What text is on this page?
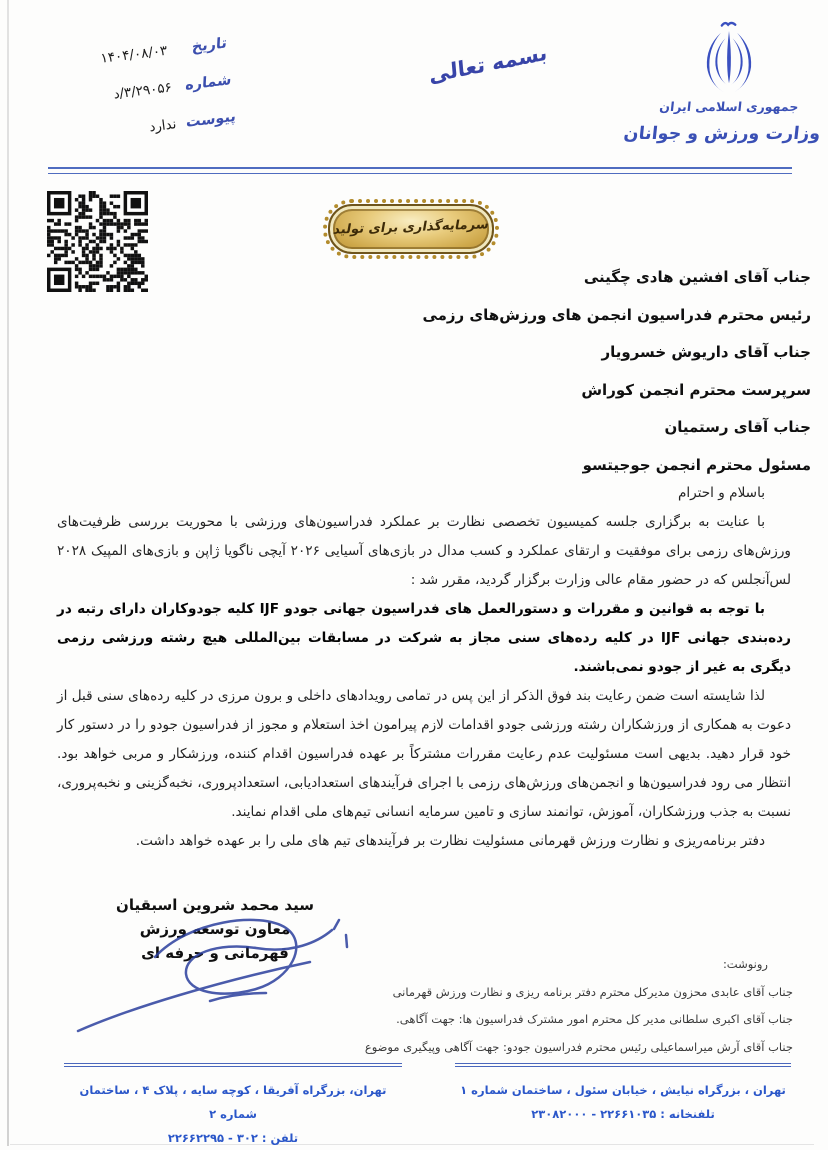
جمهوری اسلامی ایران
وزارت ورزش و جوانان
بسمه تعالی
تاریخ
۱۴۰۴/۰۸/۰۳
شماره
۳/۲۹۰۵۶/د
پیوست
ندارد
سرمایه‌گذاری برای تولید
جناب آقای افشین هادی چگینی
رئیس محترم فدراسیون انجمن های ورزش‌های رزمی
جناب آقای داریوش خسرویار
سرپرست محترم انجمن کوراش
جناب آقای رستمیان
مسئول محترم انجمن جوجیتسو

باسلام و احترام

با عنایت به برگزاری جلسه کمیسیون تخصصی نظارت بر عملکرد فدراسیون‌های ورزشی با محوریت بررسی ظرفیت‌های ورزش‌های رزمی برای موفقیت و ارتقای عملکرد و کسب مدال در بازی‌های آسیایی ۲۰۲۶ آیچی ناگویا ژاپن و بازی‌های المپیک ۲۰۲۸ لس‌آنجلس که در حضور مقام عالی وزارت برگزار گردید، مقرر شد :

با توجه به قوانین و مقررات و دستورالعمل های فدراسیون جهانی جودو IJF کلیه جودوکاران دارای رتبه در رده‌بندی جهانی IJF در کلیه رده‌های سنی مجاز به شرکت در مسابقات بین‌المللی هیچ رشته ورزشی رزمی دیگری به غیر از جودو نمی‌باشند.

لذا شایسته است ضمن رعایت بند فوق الذکر از این پس در تمامی رویدادهای داخلی و برون مرزی در کلیه رده‌های سنی قبل از دعوت به همکاری از ورزشکاران رشته ورزشی جودو اقدامات لازم پیرامون اخذ استعلام و مجوز از فدراسیون جودو را در دستور کار خود قرار دهید. بدیهی است مسئولیت عدم رعایت مقررات مشترکاً بر عهده فدراسیون اقدام کننده، ورزشکار و مربی خواهد بود. انتظار می رود فدراسیون‌ها و انجمن‌های ورزش‌های رزمی با اجرای فرآیندهای استعدادیابی، استعدادپروری، نخبه‌گزینی و نخبه‌پروری، نسبت به جذب ورزشکاران، آموزش، توانمند سازی و تامین سرمایه انسانی تیم‌های ملی اقدام نمایند.

دفتر برنامه‌ریزی و نظارت ورزش قهرمانی مسئولیت نظارت بر فرآیندهای تیم های ملی را بر عهده خواهد داشت.

سید محمد شروین اسبقیان
معاون توسعه ورزش
قهرمانی و حرفه ای
رونوشت:
جناب آقای عابدی محزون مدیرکل محترم دفتر برنامه ریزی و نظارت ورزش قهرمانی
جناب آقای اکبری سلطانی مدیر کل محترم امور مشترک فدراسیون ها: جهت آگاهی.
جناب آقای آرش میراسماعیلی رئیس محترم فدراسیون جودو: جهت آگاهی وپیگیری موضوع
تهران، بزرگراه آفریقا ، کوچه سایه ، پلاک ۴ ، ساختمان شماره ۲
تلفن : ۳۰۲ - ۲۲۶۶۲۲۹۵
تهران ، بزرگراه نیایش ، خیابان سئول ، ساختمان شماره ۱
تلفنخانه : ۲۲۶۶۱۰۳۵ - ۲۳۰۸۲۰۰۰
